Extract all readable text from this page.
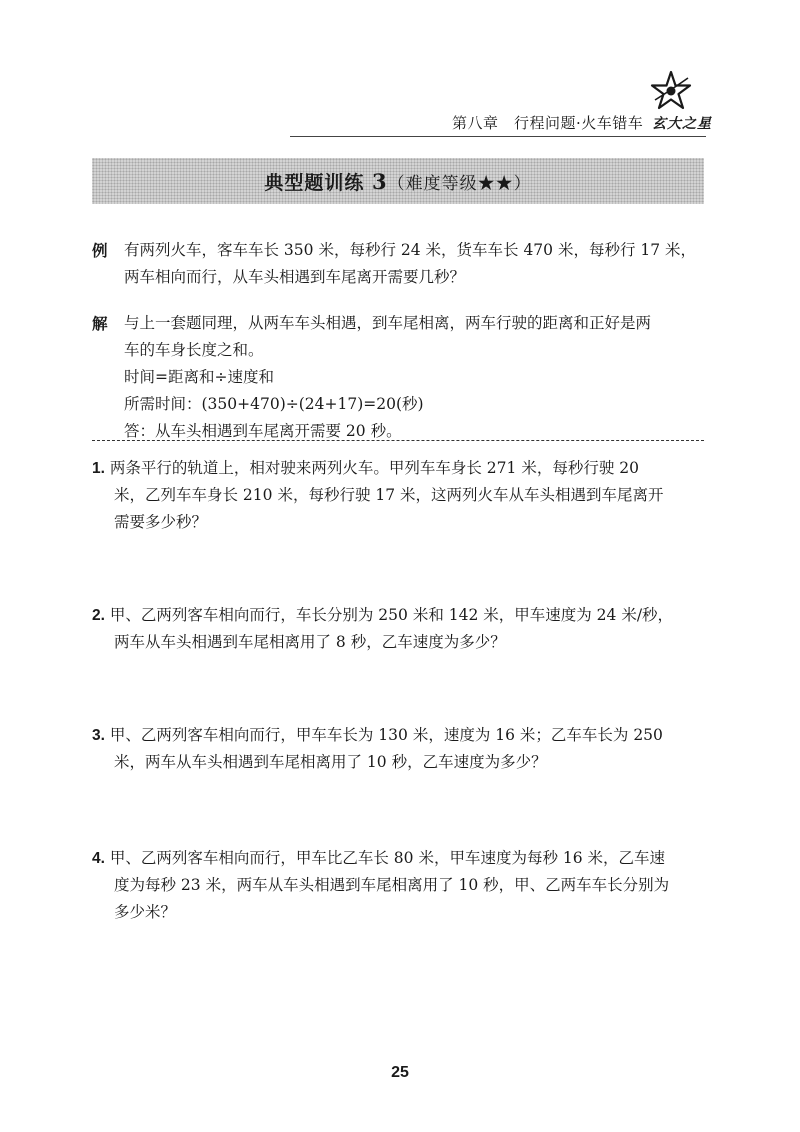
第八章　行程问题·火车错车 玄大之星
典型题训练 3（难度等级★★）
例	有两列火车，客车车长 350 米，每秒行 24 米，货车车长 470 米，每秒行 17 米，
两车相向而行，从车头相遇到车尾离开需要几秒？
解	与上一套题同理，从两车车头相遇，到车尾相离，两车行驶的距离和正好是两
车的车身长度之和。
时间=距离和÷速度和
所需时间：(350+470)÷(24+17)=20(秒)
答：从车头相遇到车尾离开需要 20 秒。
1. 两条平行的轨道上，相对驶来两列火车。甲列车车身长 271 米，每秒行驶 20
米，乙列车车身长 210 米，每秒行驶 17 米，这两列火车从车头相遇到车尾离开
需要多少秒？
2. 甲、乙两列客车相向而行，车长分别为 250 米和 142 米，甲车速度为 24 米/秒，
两车从车头相遇到车尾相离用了 8 秒，乙车速度为多少？
3. 甲、乙两列客车相向而行，甲车车长为 130 米，速度为 16 米；乙车车长为 250
米，两车从车头相遇到车尾相离用了 10 秒，乙车速度为多少？
4. 甲、乙两列客车相向而行，甲车比乙车长 80 米，甲车速度为每秒 16 米，乙车速
度为每秒 23 米，两车从车头相遇到车尾相离用了 10 秒，甲、乙两车车长分别为
多少米？
25
